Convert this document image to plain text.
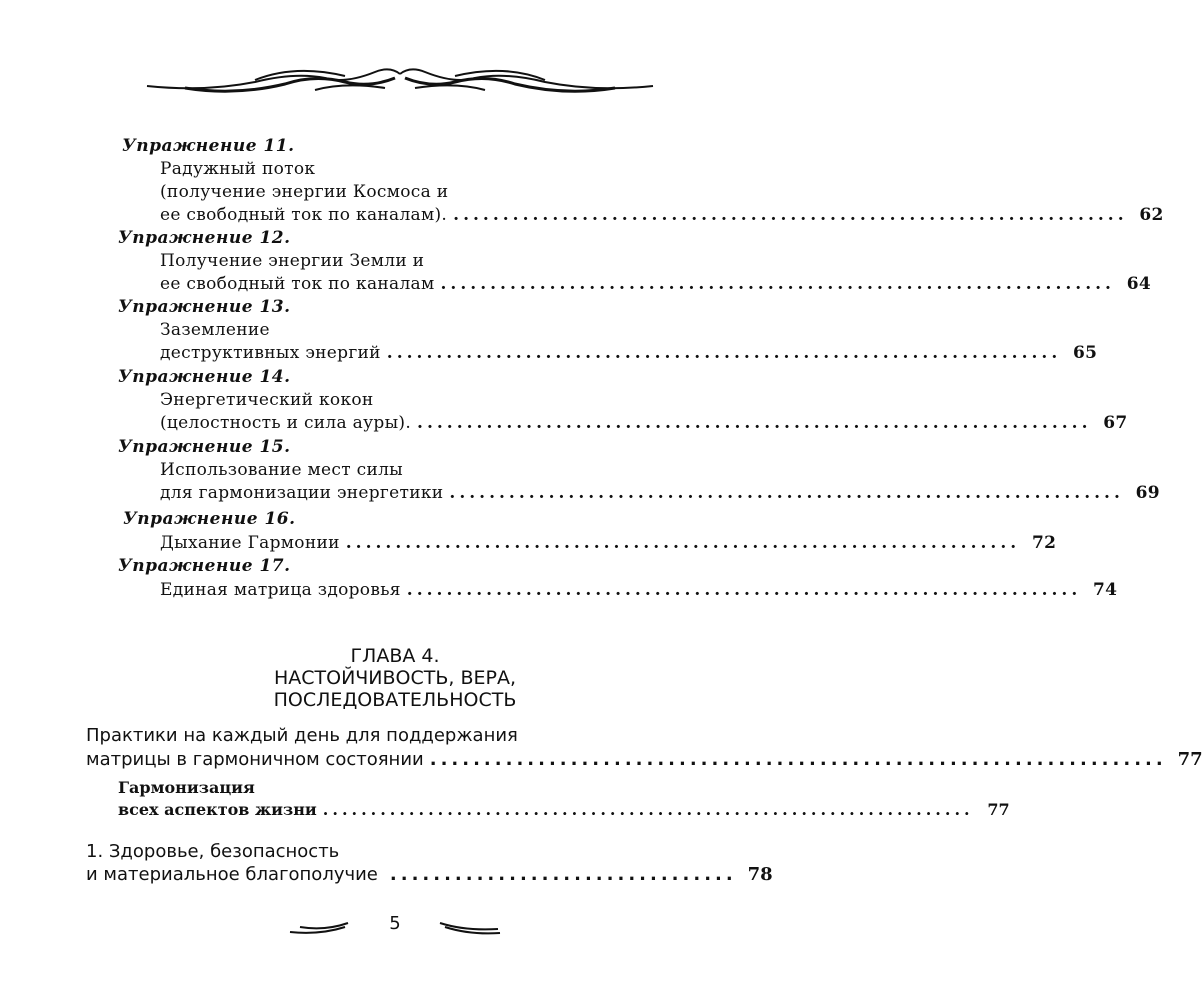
Упражнение 11.
Радужный поток
(получение энергии Космоса и
ее свободный ток по каналам). .................................................................... 62
Упражнение 12.
Получение энергии Земли и
ее свободный ток по каналам .................................................................... 64
Упражнение 13.
Заземление
деструктивных энергий .................................................................... 65
Упражнение 14.
Энергетический кокон
(целостность и сила ауры). .................................................................... 67
Упражнение 15.
Использование мест силы
для гармонизации энергетики .................................................................... 69
Упражнение 16.
Дыхание Гармонии .................................................................... 72
Упражнение 17.
Единая матрица здоровья .................................................................... 74
ГЛАВА 4.
НАСТОЙЧИВОСТЬ, ВЕРА,
ПОСЛЕДОВАТЕЛЬНОСТЬ
Практики на каждый день для поддержания
матрицы в гармоничном состоянии .................................................................... 77
Гармонизация
всех аспектов жизни .................................................................... 77
1. Здоровье, безопасность
и материальное благополучие ................................ 78
5
